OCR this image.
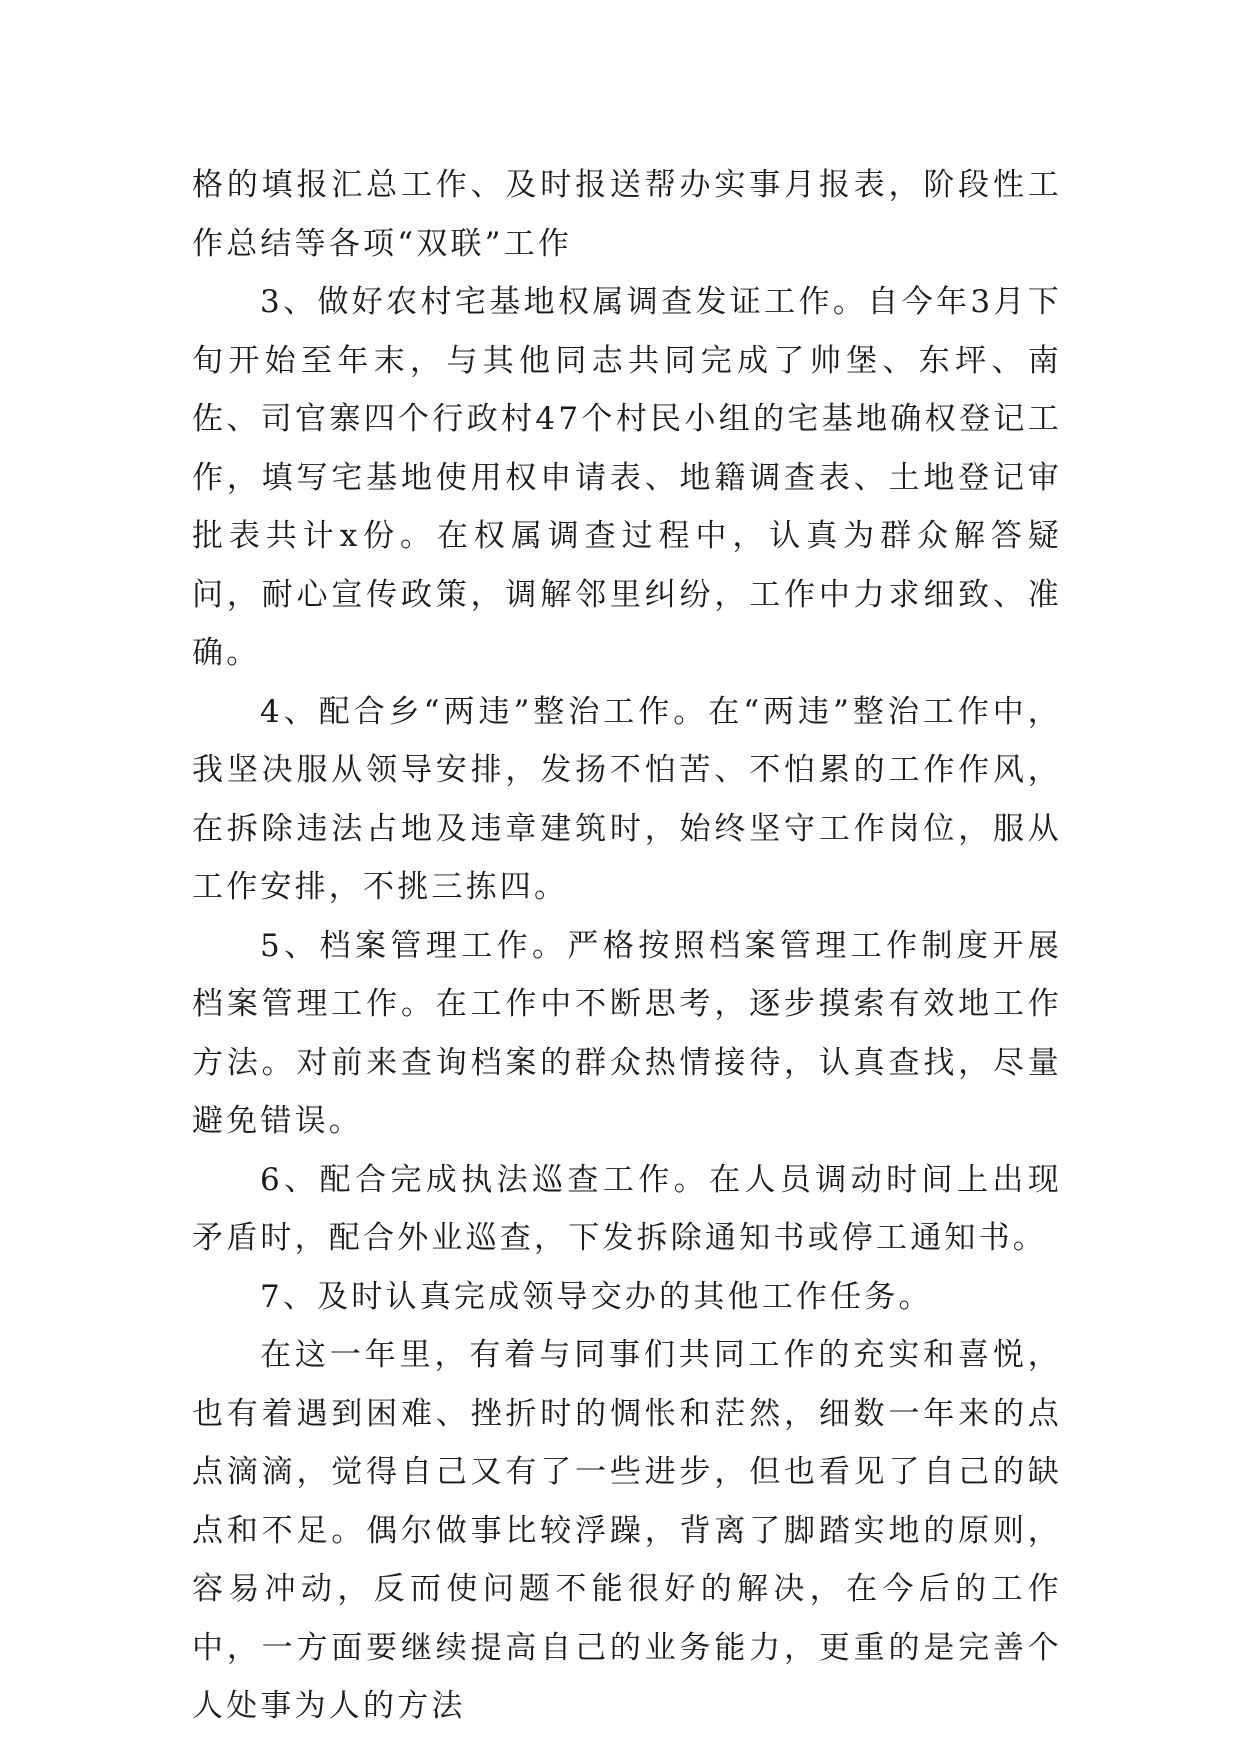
格的填报汇总工作、及时报送帮办实事月报表，阶段性工作总结等各项“双联”工作

3、做好农村宅基地权属调查发证工作。自今年3月下旬开始至年末，与其他同志共同完成了帅堡、东坪、南佐、司官寨四个行政村47个村民小组的宅基地确权登记工作，填写宅基地使用权申请表、地籍调查表、土地登记审批表共计x份。在权属调查过程中，认真为群众解答疑问，耐心宣传政策，调解邻里纠纷，工作中力求细致、准确。

4、配合乡“两违”整治工作。在“两违”整治工作中，我坚决服从领导安排，发扬不怕苦、不怕累的工作作风，在拆除违法占地及违章建筑时，始终坚守工作岗位，服从工作安排，不挑三拣四。

5、档案管理工作。严格按照档案管理工作制度开展档案管理工作。在工作中不断思考，逐步摸索有效地工作方法。对前来查询档案的群众热情接待，认真查找，尽量避免错误。

6、配合完成执法巡查工作。在人员调动时间上出现矛盾时，配合外业巡查，下发拆除通知书或停工通知书。

7、及时认真完成领导交办的其他工作任务。

在这一年里，有着与同事们共同工作的充实和喜悦，也有着遇到困难、挫折时的惆怅和茫然，细数一年来的点点滴滴，觉得自己又有了一些进步，但也看见了自己的缺点和不足。偶尔做事比较浮躁，背离了脚踏实地的原则，容易冲动，反而使问题不能很好的解决，在今后的工作中，一方面要继续提高自己的业务能力，更重的是完善个人处事为人的方法
